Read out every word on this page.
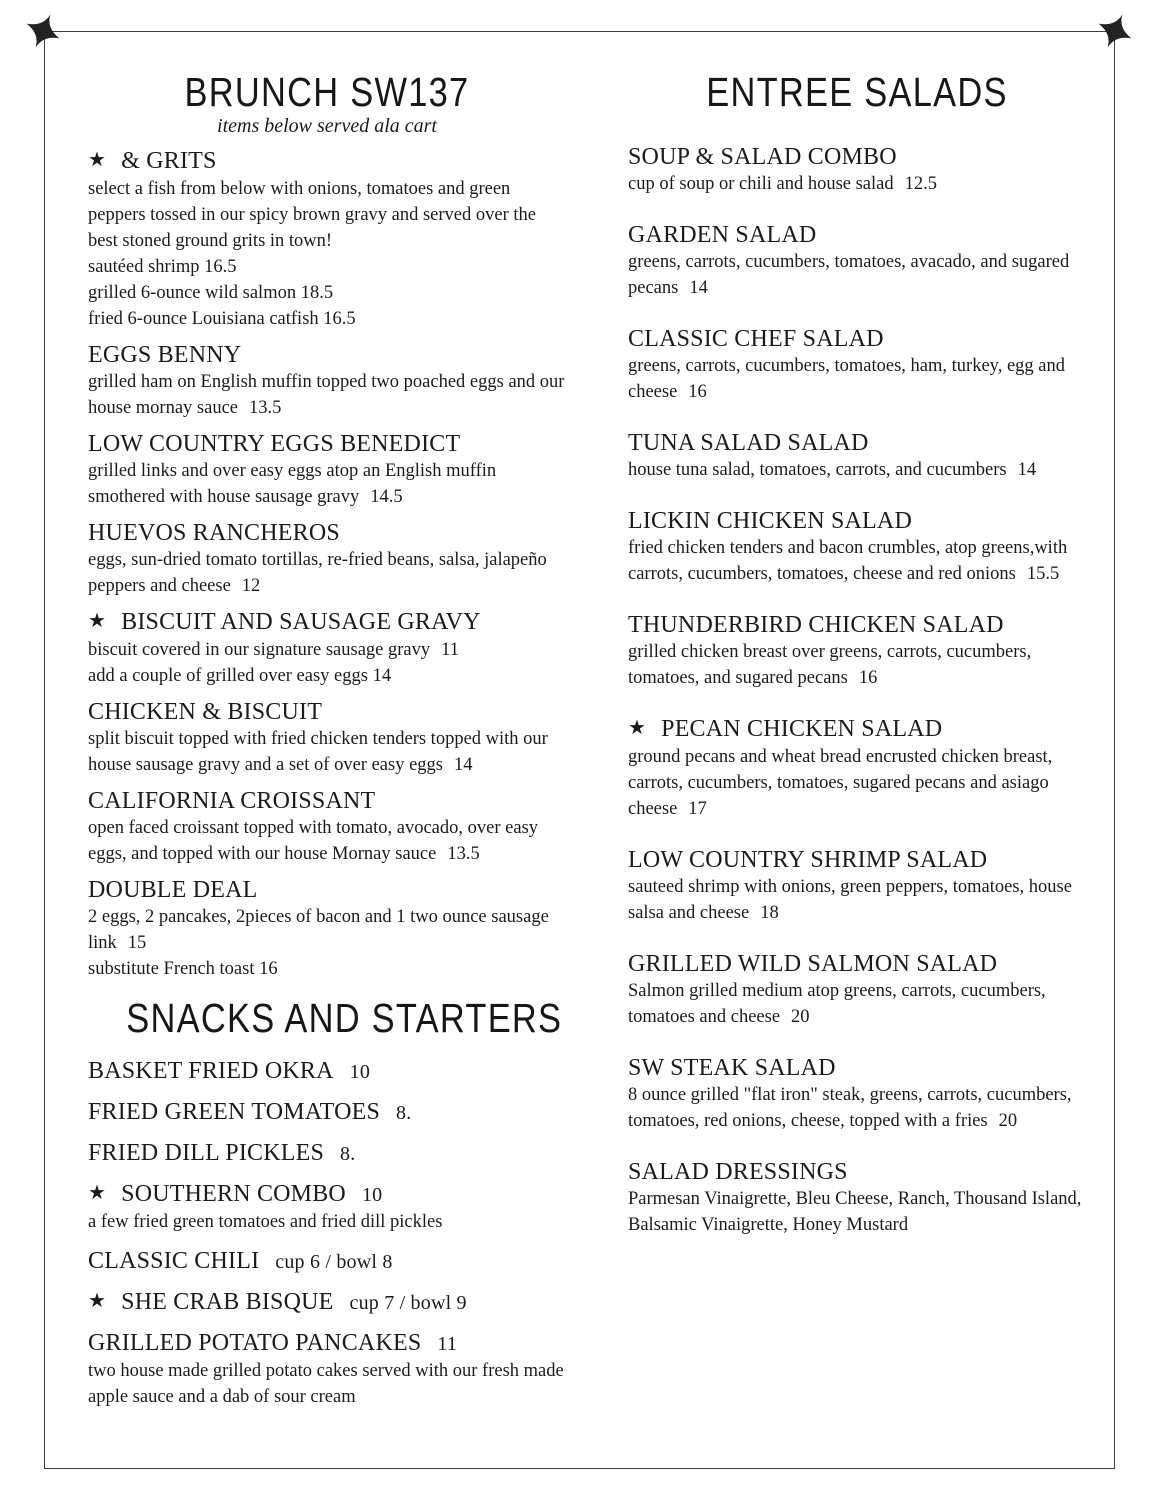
BRUNCH SW137

items below served ala cart

★ & GRITS

select a fish from below with onions, tomatoes and green peppers tossed in our spicy brown gravy and served over the best stoned ground grits in town!

sautéed shrimp 16.5
grilled 6-ounce wild salmon 18.5
fried 6-ounce Louisiana catfish 16.5
EGGS BENNY

grilled ham on English muffin topped two poached eggs and our house mornay sauce 13.5

LOW COUNTRY EGGS BENEDICT

grilled links and over easy eggs atop an English muffin smothered with house sausage gravy 14.5

HUEVOS RANCHEROS

eggs, sun-dried tomato tortillas, re-fried beans, salsa, jalapeño peppers and cheese 12

★ BISCUIT AND SAUSAGE GRAVY

biscuit covered in our signature sausage gravy 11

add a couple of grilled over easy eggs 14
CHICKEN & BISCUIT

split biscuit topped with fried chicken tenders topped with our house sausage gravy and a set of over easy eggs 14

CALIFORNIA CROISSANT

open faced croissant topped with tomato, avocado, over easy eggs, and topped with our house Mornay sauce 13.5

DOUBLE DEAL

2 eggs, 2 pancakes, 2pieces of bacon and 1 two ounce sausage link 15

substitute French toast 16
SNACKS AND STARTERS
BASKET FRIED OKRA 10
FRIED GREEN TOMATOES 8.
FRIED DILL PICKLES 8.
★ SOUTHERN COMBO 10

a few fried green tomatoes and fried dill pickles

CLASSIC CHILI cup 6 / bowl 8
★ SHE CRAB BISQUE cup 7 / bowl 9
GRILLED POTATO PANCAKES 11

two house made grilled potato cakes served with our fresh made apple sauce and a dab of sour cream

ENTREE SALADS
SOUP & SALAD COMBO

cup of soup or chili and house salad 12.5

GARDEN SALAD

greens, carrots, cucumbers, tomatoes, avacado, and sugared pecans 14

CLASSIC CHEF SALAD

greens, carrots, cucumbers, tomatoes, ham, turkey, egg and cheese 16

TUNA SALAD SALAD

house tuna salad, tomatoes, carrots, and cucumbers 14

LICKIN CHICKEN SALAD

fried chicken tenders and bacon crumbles, atop greens,with carrots, cucumbers, tomatoes, cheese and red onions 15.5

THUNDERBIRD CHICKEN SALAD

grilled chicken breast over greens, carrots, cucumbers, tomatoes, and sugared pecans 16

★ PECAN CHICKEN SALAD

ground pecans and wheat bread encrusted chicken breast, carrots, cucumbers, tomatoes, sugared pecans and asiago cheese 17

LOW COUNTRY SHRIMP SALAD

sauteed shrimp with onions, green peppers, tomatoes, house salsa and cheese 18

GRILLED WILD SALMON SALAD

Salmon grilled medium atop greens, carrots, cucumbers, tomatoes and cheese 20

SW STEAK SALAD

8 ounce grilled "flat iron" steak, greens, carrots, cucumbers, tomatoes, red onions, cheese, topped with a fries 20

SALAD DRESSINGS

Parmesan Vinaigrette, Bleu Cheese, Ranch, Thousand Island, Balsamic Vinaigrette, Honey Mustard
